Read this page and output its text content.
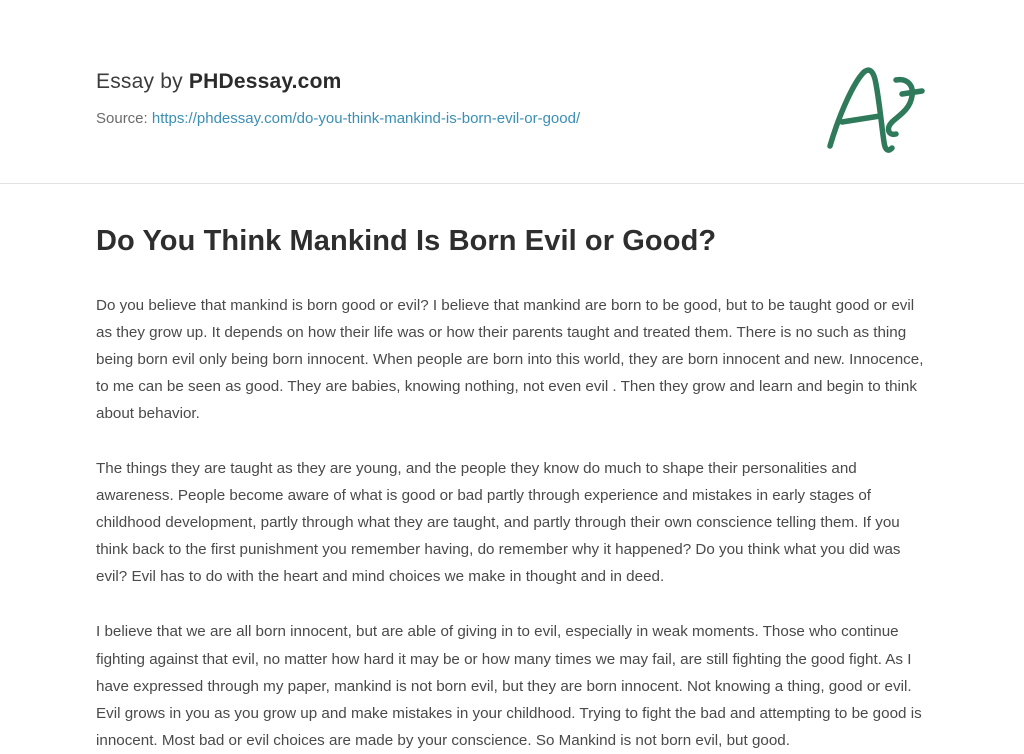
Essay by PHDessay.com
Source: https://phdessay.com/do-you-think-mankind-is-born-evil-or-good/
Do You Think Mankind Is Born Evil or Good?

Do you believe that mankind is born good or evil? I believe that mankind are born to be good, but to be taught good or evil as they grow up. It depends on how their life was or how their parents taught and treated them. There is no such as thing being born evil only being born innocent. When people are born into this world, they are born innocent and new. Innocence, to me can be seen as good. They are babies, knowing nothing, not even evil . Then they grow and learn and begin to think about behavior.

The things they are taught as they are young, and the people they know do much to shape their personalities and awareness. People become aware of what is good or bad partly through experience and mistakes in early stages of childhood development, partly through what they are taught, and partly through their own conscience telling them. If you think back to the first punishment you remember having, do remember why it happened? Do you think what you did was evil? Evil has to do with the heart and mind choices we make in thought and in deed.

I believe that we are all born innocent, but are able of giving in to evil, especially in weak moments. Those who continue fighting against that evil, no matter how hard it may be or how many times we may fail, are still fighting the good fight. As I have expressed through my paper, mankind is not born evil, but they are born innocent. Not knowing a thing, good or evil. Evil grows in you as you grow up and make mistakes in your childhood. Trying to fight the bad and attempting to be good is innocent. Most bad or evil choices are made by your conscience. So Mankind is not born evil, but good.
